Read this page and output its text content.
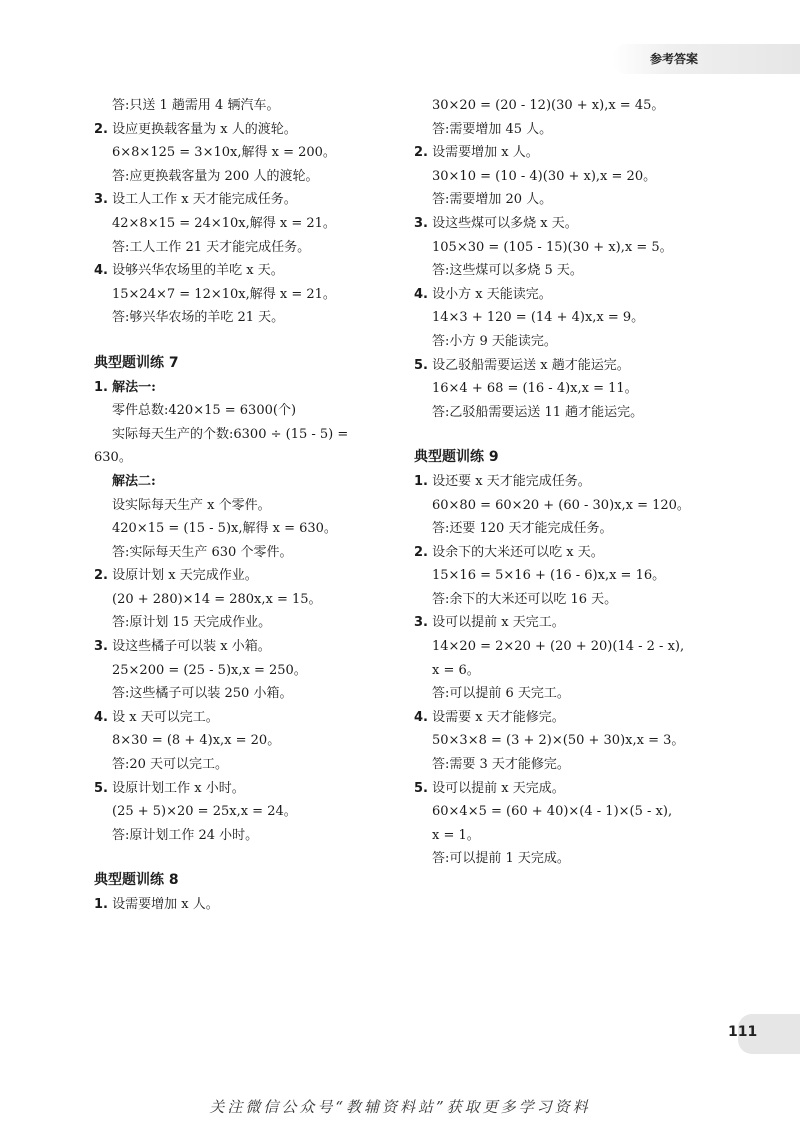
参考答案
答:只送 1 趟需用 4 辆汽车。
2. 设应更换载客量为 x 人的渡轮。
6×8×125 = 3×10x,解得 x = 200。
答:应更换载客量为 200 人的渡轮。
3. 设工人工作 x 天才能完成任务。
42×8×15 = 24×10x,解得 x = 21。
答:工人工作 21 天才能完成任务。
4. 设够兴华农场里的羊吃 x 天。
15×24×7 = 12×10x,解得 x = 21。
答:够兴华农场的羊吃 21 天。
典型题训练 7
1. 解法一:
零件总数:420×15 = 6300(个)
实际每天生产的个数:6300 ÷ (15 - 5) =
630。
解法二:
设实际每天生产 x 个零件。
420×15 = (15 - 5)x,解得 x = 630。
答:实际每天生产 630 个零件。
2. 设原计划 x 天完成作业。
(20 + 280)×14 = 280x,x = 15。
答:原计划 15 天完成作业。
3. 设这些橘子可以装 x 小箱。
25×200 = (25 - 5)x,x = 250。
答:这些橘子可以装 250 小箱。
4. 设 x 天可以完工。
8×30 = (8 + 4)x,x = 20。
答:20 天可以完工。
5. 设原计划工作 x 小时。
(25 + 5)×20 = 25x,x = 24。
答:原计划工作 24 小时。
典型题训练 8
1. 设需要增加 x 人。
30×20 = (20 - 12)(30 + x),x = 45。
答:需要增加 45 人。
2. 设需要增加 x 人。
30×10 = (10 - 4)(30 + x),x = 20。
答:需要增加 20 人。
3. 设这些煤可以多烧 x 天。
105×30 = (105 - 15)(30 + x),x = 5。
答:这些煤可以多烧 5 天。
4. 设小方 x 天能读完。
14×3 + 120 = (14 + 4)x,x = 9。
答:小方 9 天能读完。
5. 设乙驳船需要运送 x 趟才能运完。
16×4 + 68 = (16 - 4)x,x = 11。
答:乙驳船需要运送 11 趟才能运完。
典型题训练 9
1. 设还要 x 天才能完成任务。
60×80 = 60×20 + (60 - 30)x,x = 120。
答:还要 120 天才能完成任务。
2. 设余下的大米还可以吃 x 天。
15×16 = 5×16 + (16 - 6)x,x = 16。
答:余下的大米还可以吃 16 天。
3. 设可以提前 x 天完工。
14×20 = 2×20 + (20 + 20)(14 - 2 - x),
x = 6。
答:可以提前 6 天完工。
4. 设需要 x 天才能修完。
50×3×8 = (3 + 2)×(50 + 30)x,x = 3。
答:需要 3 天才能修完。
5. 设可以提前 x 天完成。
60×4×5 = (60 + 40)×(4 - 1)×(5 - x),
x = 1。
答:可以提前 1 天完成。
111
关注微信公众号“教辅资料站”获取更多学习资料
